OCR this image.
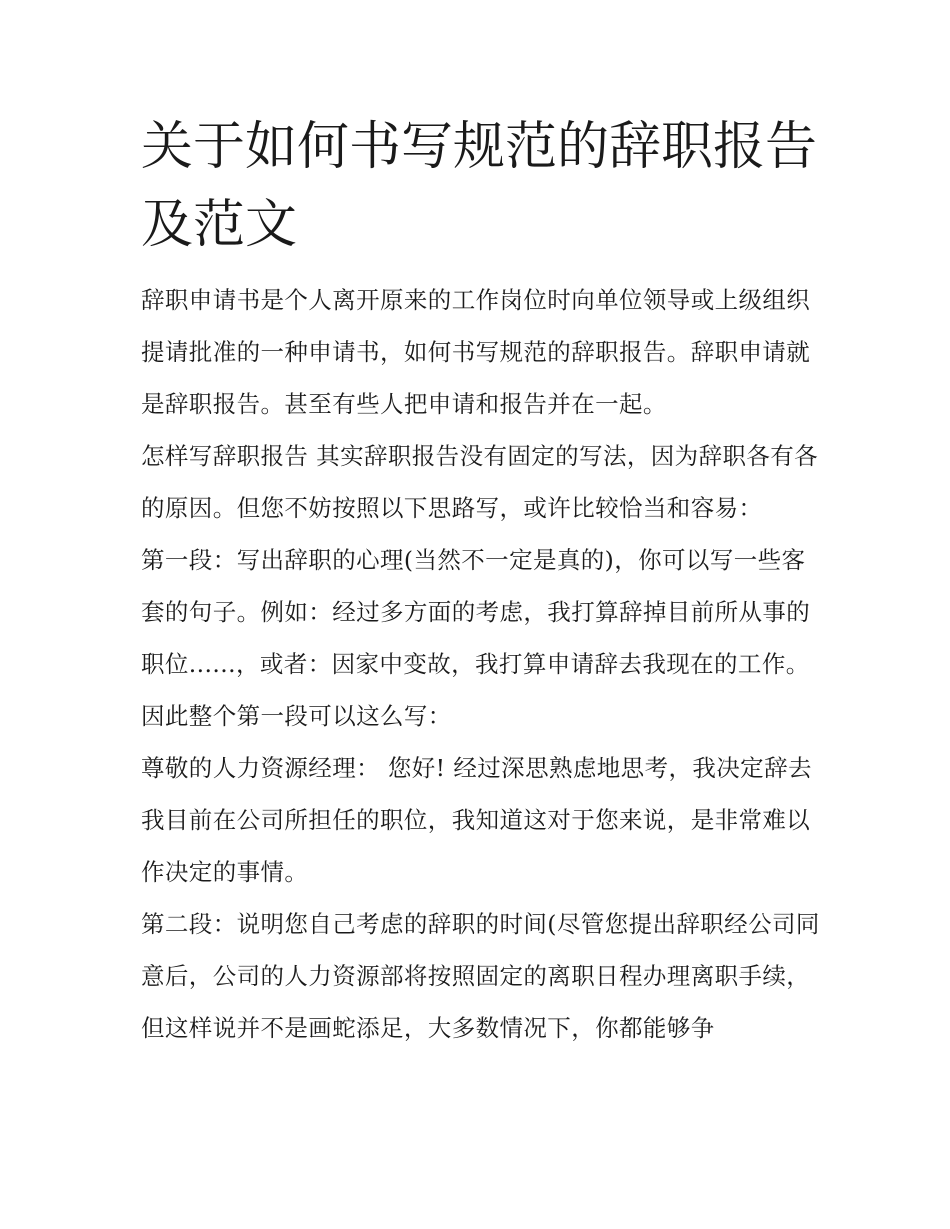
关于如何书写规范的辞职报告及范文

辞职申请书是个人离开原来的工作岗位时向单位领导或上级组织提请批准的一种申请书，如何书写规范的辞职报告。辞职申请就是辞职报告。甚至有些人把申请和报告并在一起。

怎样写辞职报告 其实辞职报告没有固定的写法，因为辞职各有各的原因。但您不妨按照以下思路写，或许比较恰当和容易：

第一段：写出辞职的心理(当然不一定是真的)，你可以写一些客套的句子。例如：经过多方面的考虑，我打算辞掉目前所从事的职位......，或者：因家中变故，我打算申请辞去我现在的工作。因此整个第一段可以这么写：

尊敬的人力资源经理： 您好! 经过深思熟虑地思考，我决定辞去我目前在公司所担任的职位，我知道这对于您来说，是非常难以作决定的事情。

第二段：说明您自己考虑的辞职的时间(尽管您提出辞职经公司同意后，公司的人力资源部将按照固定的离职日程办理离职手续，但这样说并不是画蛇添足，大多数情况下，你都能够争
